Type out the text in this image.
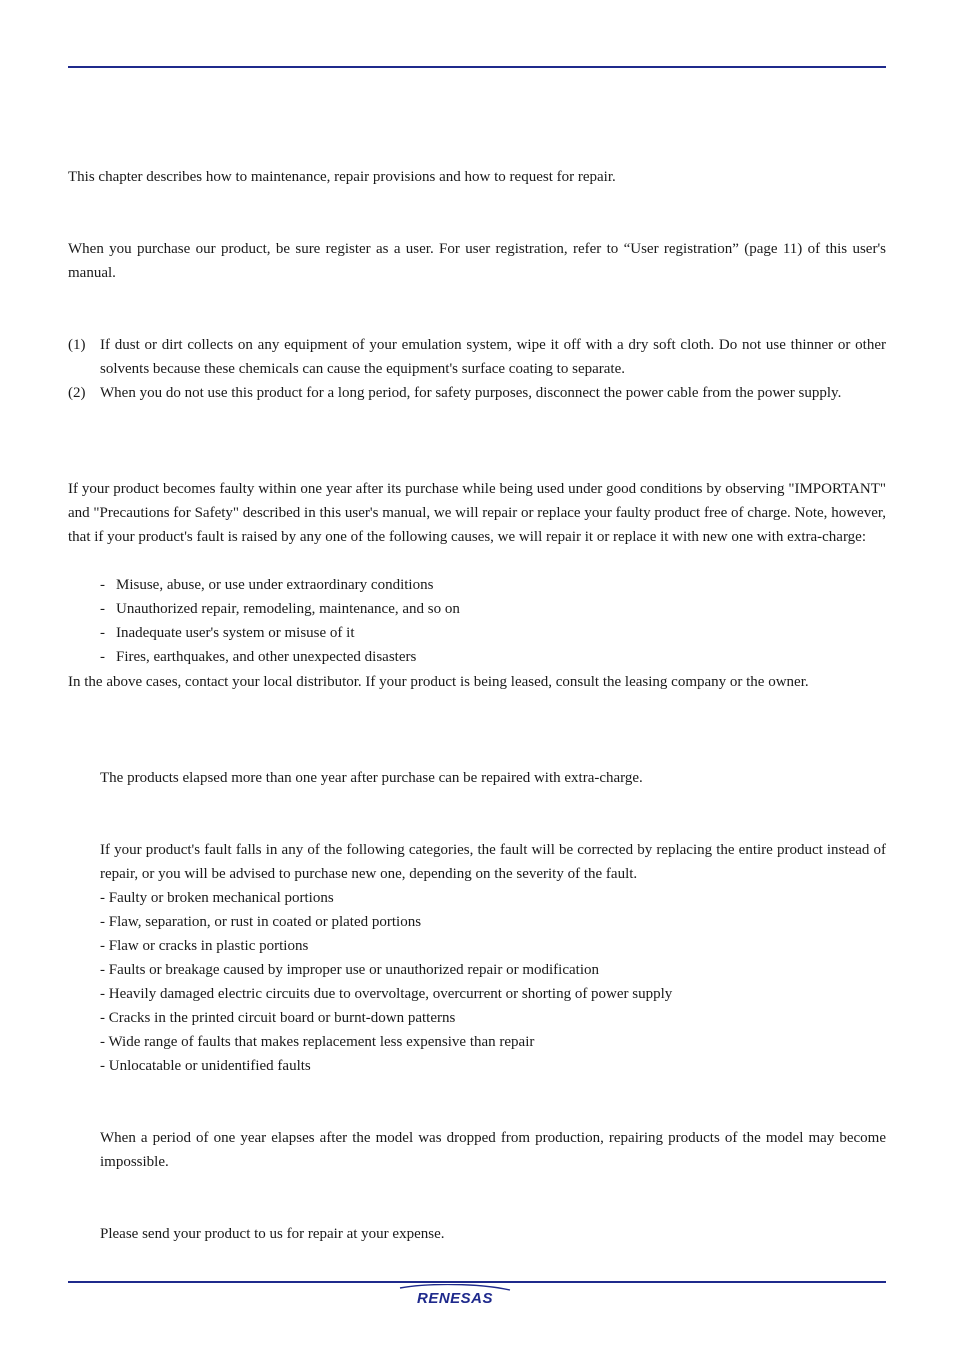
This chapter describes how to maintenance, repair provisions and how to request for repair.

When you purchase our product, be sure register as a user. For user registration, refer to “User registration” (page 11) of this user's manual.

(1) If dust or dirt collects on any equipment of your emulation system, wipe it off with a dry soft cloth. Do not use thinner or other solvents because these chemicals can cause the equipment's surface coating to separate.

(2) When you do not use this product for a long period, for safety purposes, disconnect the power cable from the power supply.

If your product becomes faulty within one year after its purchase while being used under good conditions by observing "IMPORTANT" and "Precautions for Safety" described in this user's manual, we will repair or replace your faulty product free of charge. Note, however, that if your product's fault is raised by any one of the following causes, we will repair it or replace it with new one with extra-charge:

- Misuse, abuse, or use under extraordinary conditions
- Unauthorized repair, remodeling, maintenance, and so on
- Inadequate user's system or misuse of it
- Fires, earthquakes, and other unexpected disasters

In the above cases, contact your local distributor. If your product is being leased, consult the leasing company or the owner.

The products elapsed more than one year after purchase can be repaired with extra-charge.

If your product's fault falls in any of the following categories, the fault will be corrected by replacing the entire product instead of repair, or you will be advised to purchase new one, depending on the severity of the fault.

- Faulty or broken mechanical portions
- Flaw, separation, or rust in coated or plated portions
- Flaw or cracks in plastic portions
- Faults or breakage caused by improper use or unauthorized repair or modification
- Heavily damaged electric circuits due to overvoltage, overcurrent or shorting of power supply
- Cracks in the printed circuit board or burnt-down patterns
- Wide range of faults that makes replacement less expensive than repair
- Unlocatable or unidentified faults

When a period of one year elapses after the model was dropped from production, repairing products of the model may become impossible.

Please send your product to us for repair at your expense.

RENESAS
